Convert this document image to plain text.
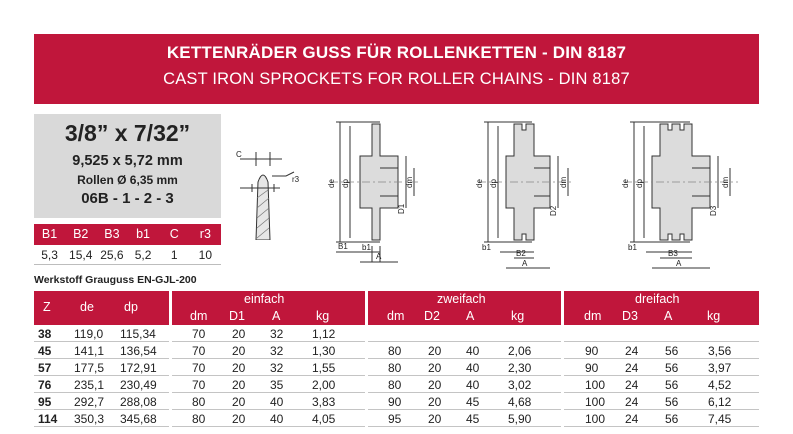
KETTENRÄDER GUSS FÜR ROLLENKETTEN - DIN 8187
CAST IRON SPROCKETS FOR ROLLER CHAINS - DIN 8187
3/8” x 7/32”
9,525 x 5,72 mm
Rollen Ø 6,35 mm
06B - 1 - 2 - 3
B1	B2	B3	b1	C	r3
5,3 15,4 25,6 5,2	1	10
Werkstoff Grauguss EN-GJL-200
C
r3	de dp	dm
D1
b1
A
B1
de dp	dm
D2
b1
A
B2
de dp	dm
D3
b1
A
B3
Z de dp
einfach
dm D1 A	kg
zweifach
dm D2 A	kg
dreifach
dm D3 A	kg
38 119,0 115,34	70 20 32 1,12
45 141,1 136,54	70 20 32 1,30	80 20 40 2,06	90 24 56 3,56
57 177,5 172,91	70 20 32 1,55	80 20 40 2,30	90 24 56 3,97
76 235,1 230,49	70 20 35 2,00	80 20 40 3,02	100 24 56 4,52
95 292,7 288,08	80 20 40 3,83	90 20 45 4,68	100 24 56 6,12
114 350,3 345,68	80 20 40 4,05	95 20 45 5,90	100 24 56 7,45
